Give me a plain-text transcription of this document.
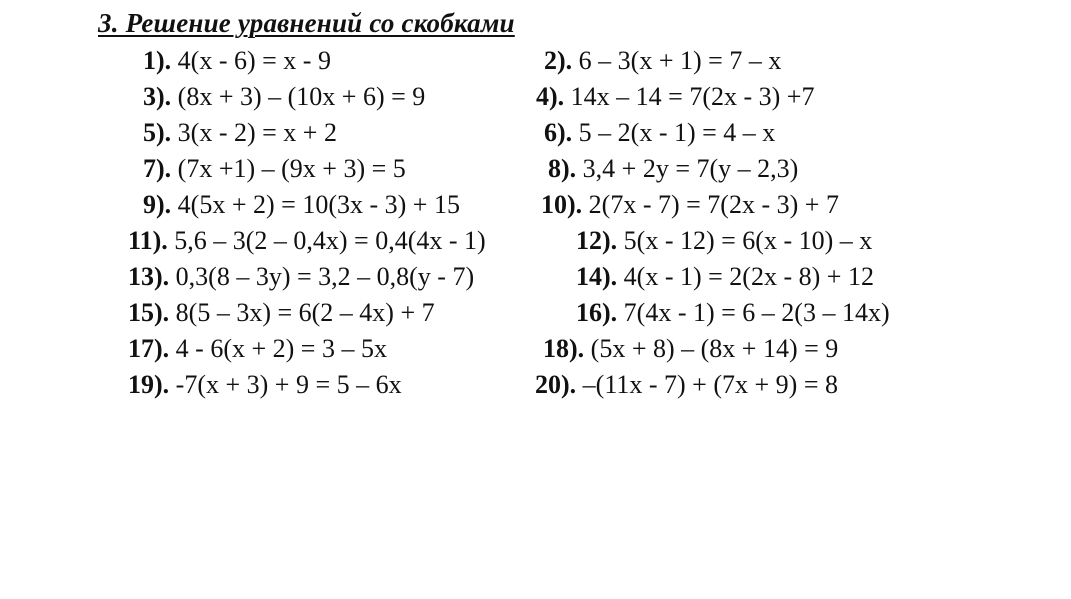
3. Решение уравнений со скобками
1). 4(x - 6) = x - 9	2). 6 – 3(x + 1) = 7 – x
3). (8x + 3) – (10x + 6) = 9	4). 14x – 14 = 7(2x - 3) +7
5). 3(x - 2) = x + 2	6). 5 – 2(x - 1) = 4 – x
7). (7x +1) – (9x + 3) = 5	8). 3,4 + 2y = 7(y – 2,3)
9). 4(5x + 2) = 10(3x - 3) + 15	10). 2(7x - 7) = 7(2x - 3) + 7
11). 5,6 – 3(2 – 0,4x) = 0,4(4x - 1)	12). 5(x - 12) = 6(x - 10) – x
13). 0,3(8 – 3y) = 3,2 – 0,8(y - 7)	14). 4(x - 1) = 2(2x - 8) + 12
15). 8(5 – 3x) = 6(2 – 4x) + 7	16). 7(4x - 1) = 6 – 2(3 – 14x)
17). 4 - 6(x + 2) = 3 – 5x	18). (5x + 8) – (8x + 14) = 9
19). -7(x + 3) + 9 = 5 – 6x	20). –(11x - 7) + (7x + 9) = 8
